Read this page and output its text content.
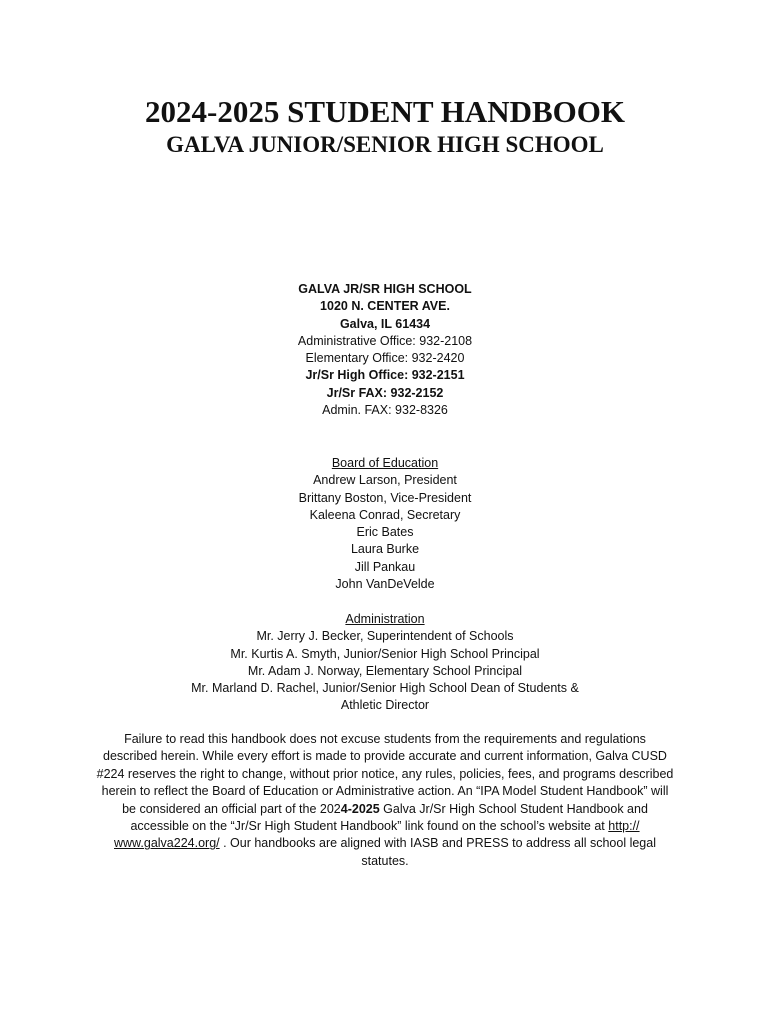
2024-2025 STUDENT HANDBOOK
GALVA JUNIOR/SENIOR HIGH SCHOOL
GALVA JR/SR HIGH SCHOOL
1020 N. CENTER AVE.
Galva, IL 61434
Administrative Office: 932-2108
Elementary Office: 932-2420
Jr/Sr High Office: 932-2151
Jr/Sr FAX: 932-2152
Admin. FAX: 932-8326
Board of Education
Andrew Larson, President
Brittany Boston, Vice-President
Kaleena Conrad, Secretary
Eric Bates
Laura Burke
Jill Pankau
John VanDeVelde
Administration
Mr. Jerry J. Becker, Superintendent of Schools
Mr. Kurtis A. Smyth, Junior/Senior High School Principal
Mr. Adam J. Norway, Elementary School Principal
Mr. Marland D. Rachel, Junior/Senior High School Dean of Students &
Athletic Director
Failure to read this handbook does not excuse students from the requirements and regulations
described herein. While every effort is made to provide accurate and current information, Galva CUSD
#224 reserves the right to change, without prior notice, any rules, policies, fees, and programs described
herein to reflect the Board of Education or Administrative action. An “IPA Model Student Handbook” will
be considered an official part of the 2024-2025 Galva Jr/Sr High School Student Handbook and
accessible on the “Jr/Sr High Student Handbook” link found on the school’s website at http://
www.galva224.org/ . Our handbooks are aligned with IASB and PRESS to address all school legal
statutes.
